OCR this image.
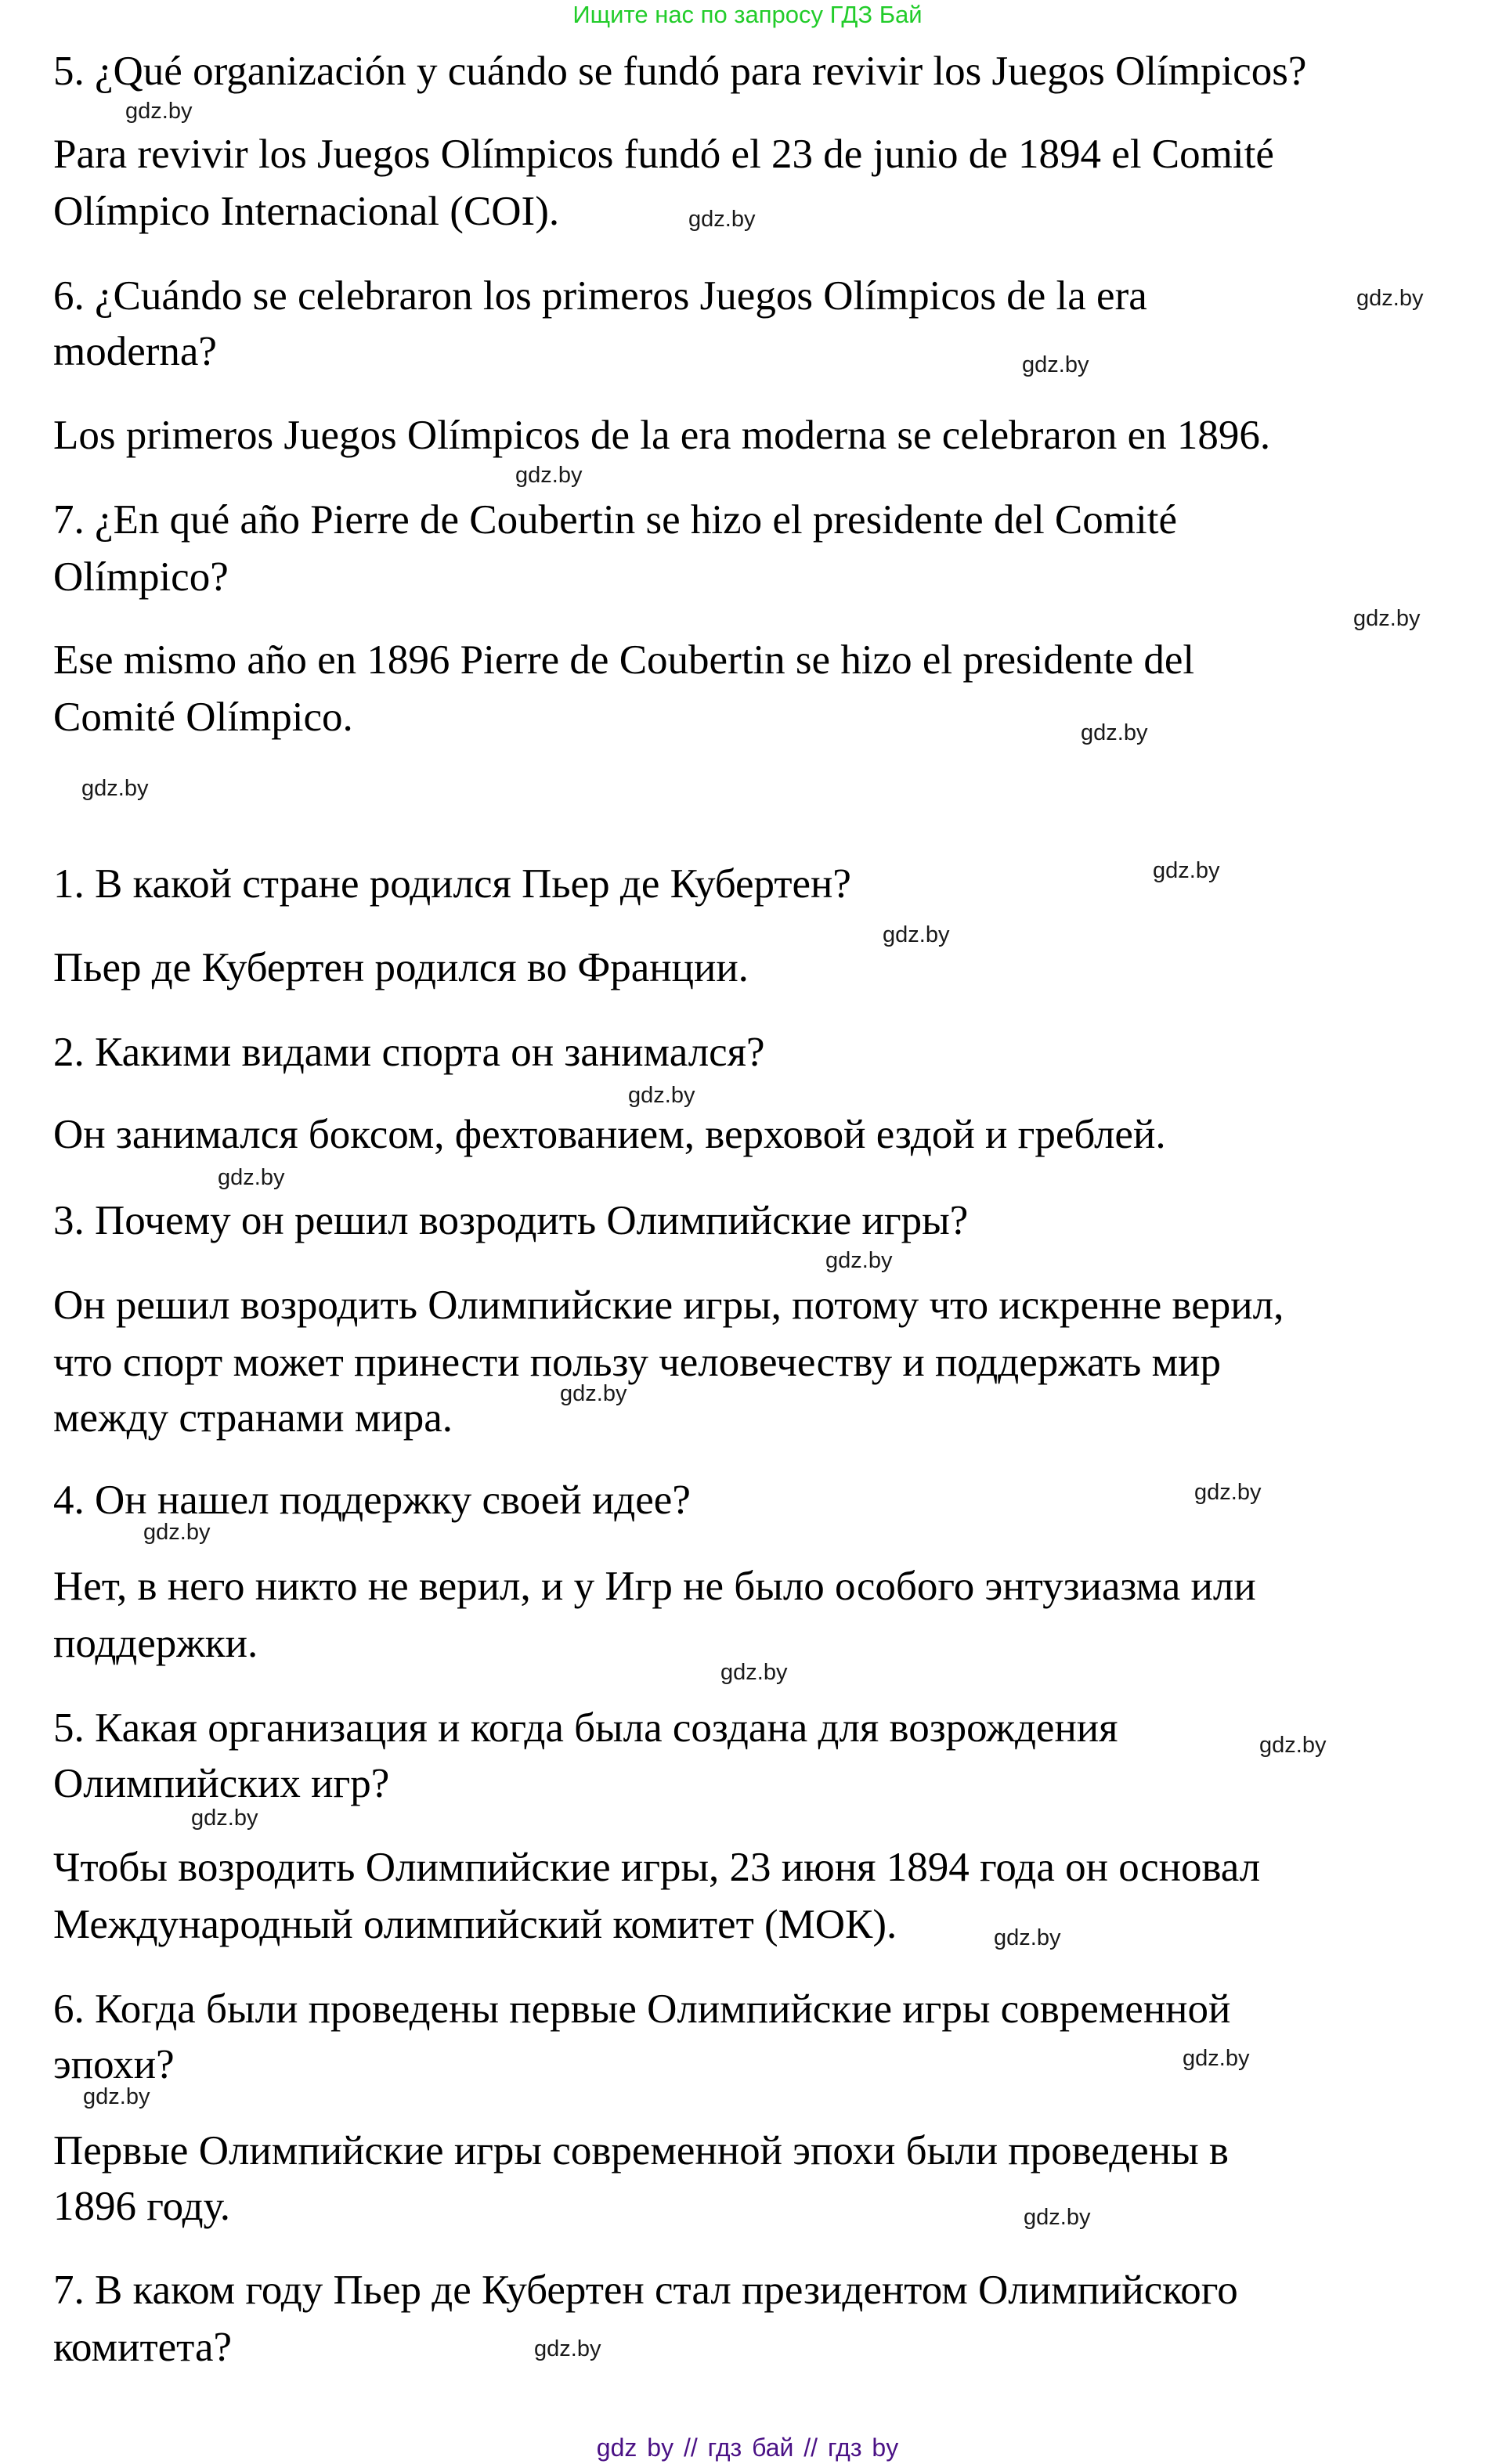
Ищите нас по запросу ГДЗ Бай
5. ¿Qué organización y cuándo se fundó para revivir los Juegos Olímpicos?
gdz.by
Para revivir los Juegos Olímpicos fundó el 23 de junio de 1894 el Comité
Olímpico Internacional (COI).	gdz.by
6. ¿Cuándo se celebraron los primeros Juegos Olímpicos de la era	gdz.by
moderna?	gdz.by
Los primeros Juegos Olímpicos de la era moderna se celebraron en 1896.
gdz.by
7. ¿En qué año Pierre de Coubertin se hizo el presidente del Comité
Olímpico?
gdz.by
Ese mismo año en 1896 Pierre de Coubertin se hizo el presidente del
Comité Olímpico.	gdz.by
gdz.by
1. В какой стране родился Пьер де Кубертен?	gdz.by
gdz.by
Пьер де Кубертен родился во Франции.
2. Какими видами спорта он занимался?
gdz.by
Он занимался боксом, фехтованием, верховой ездой и греблей.
gdz.by
3. Почему он решил возродить Олимпийские игры?
gdz.by
Он решил возродить Олимпийские игры, потому что искренне верил,
что спорт может принести пользу человечеству и поддержать мир
gdz.by
между странами мира.
4. Он нашел поддержку своей идее?	gdz.by
gdz.by
Нет, в него никто не верил, и у Игр не было особого энтузиазма или
поддержки.
gdz.by
5. Какая организация и когда была создана для возрождения	gdz.by
Олимпийских игр?
gdz.by
Чтобы возродить Олимпийские игры, 23 июня 1894 года он основал
Международный олимпийский комитет (МОК).	gdz.by
6. Когда были проведены первые Олимпийские игры современной
эпохи?	gdz.by
gdz.by
Первые Олимпийские игры современной эпохи были проведены в
1896 году.	gdz.by
7. В каком году Пьер де Кубертен стал президентом Олимпийского
комитета?	gdz.by
gdz by // гдз бай // гдз by
